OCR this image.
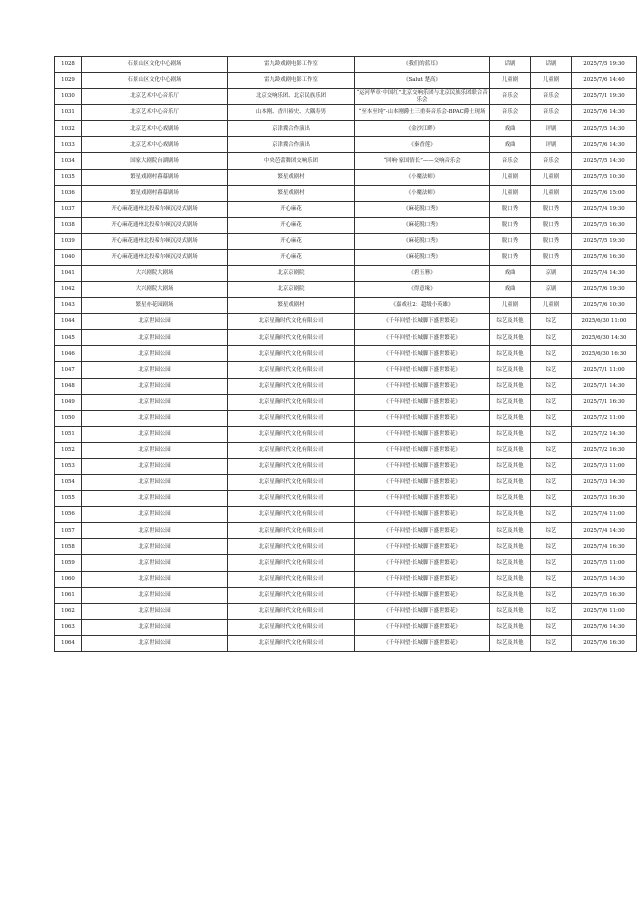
1028	石景山区文化中心剧场	雷九龄戏剧电影工作室	《我们的蓝耳》	话剧	话剧	2025/7/5 19:30
1029	石景山区文化中心剧场	雷九龄戏剧电影工作室	《Salut 楚高》	儿童剧	儿童剧	2025/7/6 14:40
1030	北京艺术中心音乐厅	北京交响乐团、北京民族乐团	“运河华章·中国红”北京交响乐团与北京民族乐团联合音乐会	音乐会	音乐会	2025/7/1 19:30
1031	北京艺术中心音乐厅	山本刚、香川裕史、大隅寿男	“至本至纯”-山本刚爵士三重奏音乐会-BPAC爵士现场	音乐会	音乐会	2025/7/6 14:30
1032	北京艺术中心戏剧场	京津冀合作演出	《金沙江畔》	戏曲	评剧	2025/7/5 14:30
1033	北京艺术中心戏剧场	京津冀合作演出	《秦香莲》	戏曲	评剧	2025/7/6 14:30
1034	国家大剧院台湖剧场	中央芭蕾舞团交响乐团	“回响·家国情长”——交响音乐会	音乐会	音乐会	2025/7/5 14:30
1035	繁星戏剧村暮幕剧场	繁星戏剧村	《小魔法师》	儿童剧	儿童剧	2025/7/5 10:30
1036	繁星戏剧村暮幕剧场	繁星戏剧村	《小魔法师》	儿童剧	儿童剧	2025/7/6 15:00
1037	开心麻花通州北投希尔顿沉浸式剧场	开心麻花	《麻花脱口秀》	脱口秀	脱口秀	2025/7/4 19:30
1038	开心麻花通州北投希尔顿沉浸式剧场	开心麻花	《麻花脱口秀》	脱口秀	脱口秀	2025/7/5 16:30
1039	开心麻花通州北投希尔顿沉浸式剧场	开心麻花	《麻花脱口秀》	脱口秀	脱口秀	2025/7/5 19:30
1040	开心麻花通州北投希尔顿沉浸式剧场	开心麻花	《麻花脱口秀》	脱口秀	脱口秀	2025/7/6 16:30
1041	大兴剧院大剧场	北京京剧院	《碧玉簪》	戏曲	京剧	2025/7/4 14:30
1042	大兴剧院大剧场	北京京剧院	《得意缘》	戏曲	京剧	2025/7/6 19:30
1043	繁星亦花园剧场	繁星戏剧村	《嘉戏社2：超级小英雄》	儿童剧	儿童剧	2025/7/6 10:30
1044	北京世园公园	北京星瀚时代文化有限公司	《千年回望·长城脚下盛世繁花》	综艺及其他	综艺	2025/6/30 11:00
1045	北京世园公园	北京星瀚时代文化有限公司	《千年回望·长城脚下盛世繁花》	综艺及其他	综艺	2025/6/30 14:30
1046	北京世园公园	北京星瀚时代文化有限公司	《千年回望·长城脚下盛世繁花》	综艺及其他	综艺	2025/6/30 16:30
1047	北京世园公园	北京星瀚时代文化有限公司	《千年回望·长城脚下盛世繁花》	综艺及其他	综艺	2025/7/1 11:00
1048	北京世园公园	北京星瀚时代文化有限公司	《千年回望·长城脚下盛世繁花》	综艺及其他	综艺	2025/7/1 14:30
1049	北京世园公园	北京星瀚时代文化有限公司	《千年回望·长城脚下盛世繁花》	综艺及其他	综艺	2025/7/1 16:30
1050	北京世园公园	北京星瀚时代文化有限公司	《千年回望·长城脚下盛世繁花》	综艺及其他	综艺	2025/7/2 11:00
1051	北京世园公园	北京星瀚时代文化有限公司	《千年回望·长城脚下盛世繁花》	综艺及其他	综艺	2025/7/2 14:30
1052	北京世园公园	北京星瀚时代文化有限公司	《千年回望·长城脚下盛世繁花》	综艺及其他	综艺	2025/7/2 16:30
1053	北京世园公园	北京星瀚时代文化有限公司	《千年回望·长城脚下盛世繁花》	综艺及其他	综艺	2025/7/3 11:00
1054	北京世园公园	北京星瀚时代文化有限公司	《千年回望·长城脚下盛世繁花》	综艺及其他	综艺	2025/7/3 14:30
1055	北京世园公园	北京星瀚时代文化有限公司	《千年回望·长城脚下盛世繁花》	综艺及其他	综艺	2025/7/3 16:30
1056	北京世园公园	北京星瀚时代文化有限公司	《千年回望·长城脚下盛世繁花》	综艺及其他	综艺	2025/7/4 11:00
1057	北京世园公园	北京星瀚时代文化有限公司	《千年回望·长城脚下盛世繁花》	综艺及其他	综艺	2025/7/4 14:30
1058	北京世园公园	北京星瀚时代文化有限公司	《千年回望·长城脚下盛世繁花》	综艺及其他	综艺	2025/7/4 16:30
1059	北京世园公园	北京星瀚时代文化有限公司	《千年回望·长城脚下盛世繁花》	综艺及其他	综艺	2025/7/5 11:00
1060	北京世园公园	北京星瀚时代文化有限公司	《千年回望·长城脚下盛世繁花》	综艺及其他	综艺	2025/7/5 14:30
1061	北京世园公园	北京星瀚时代文化有限公司	《千年回望·长城脚下盛世繁花》	综艺及其他	综艺	2025/7/5 16:30
1062	北京世园公园	北京星瀚时代文化有限公司	《千年回望·长城脚下盛世繁花》	综艺及其他	综艺	2025/7/6 11:00
1063	北京世园公园	北京星瀚时代文化有限公司	《千年回望·长城脚下盛世繁花》	综艺及其他	综艺	2025/7/6 14:30
1064	北京世园公园	北京星瀚时代文化有限公司	《千年回望·长城脚下盛世繁花》	综艺及其他	综艺	2025/7/6 16:30
